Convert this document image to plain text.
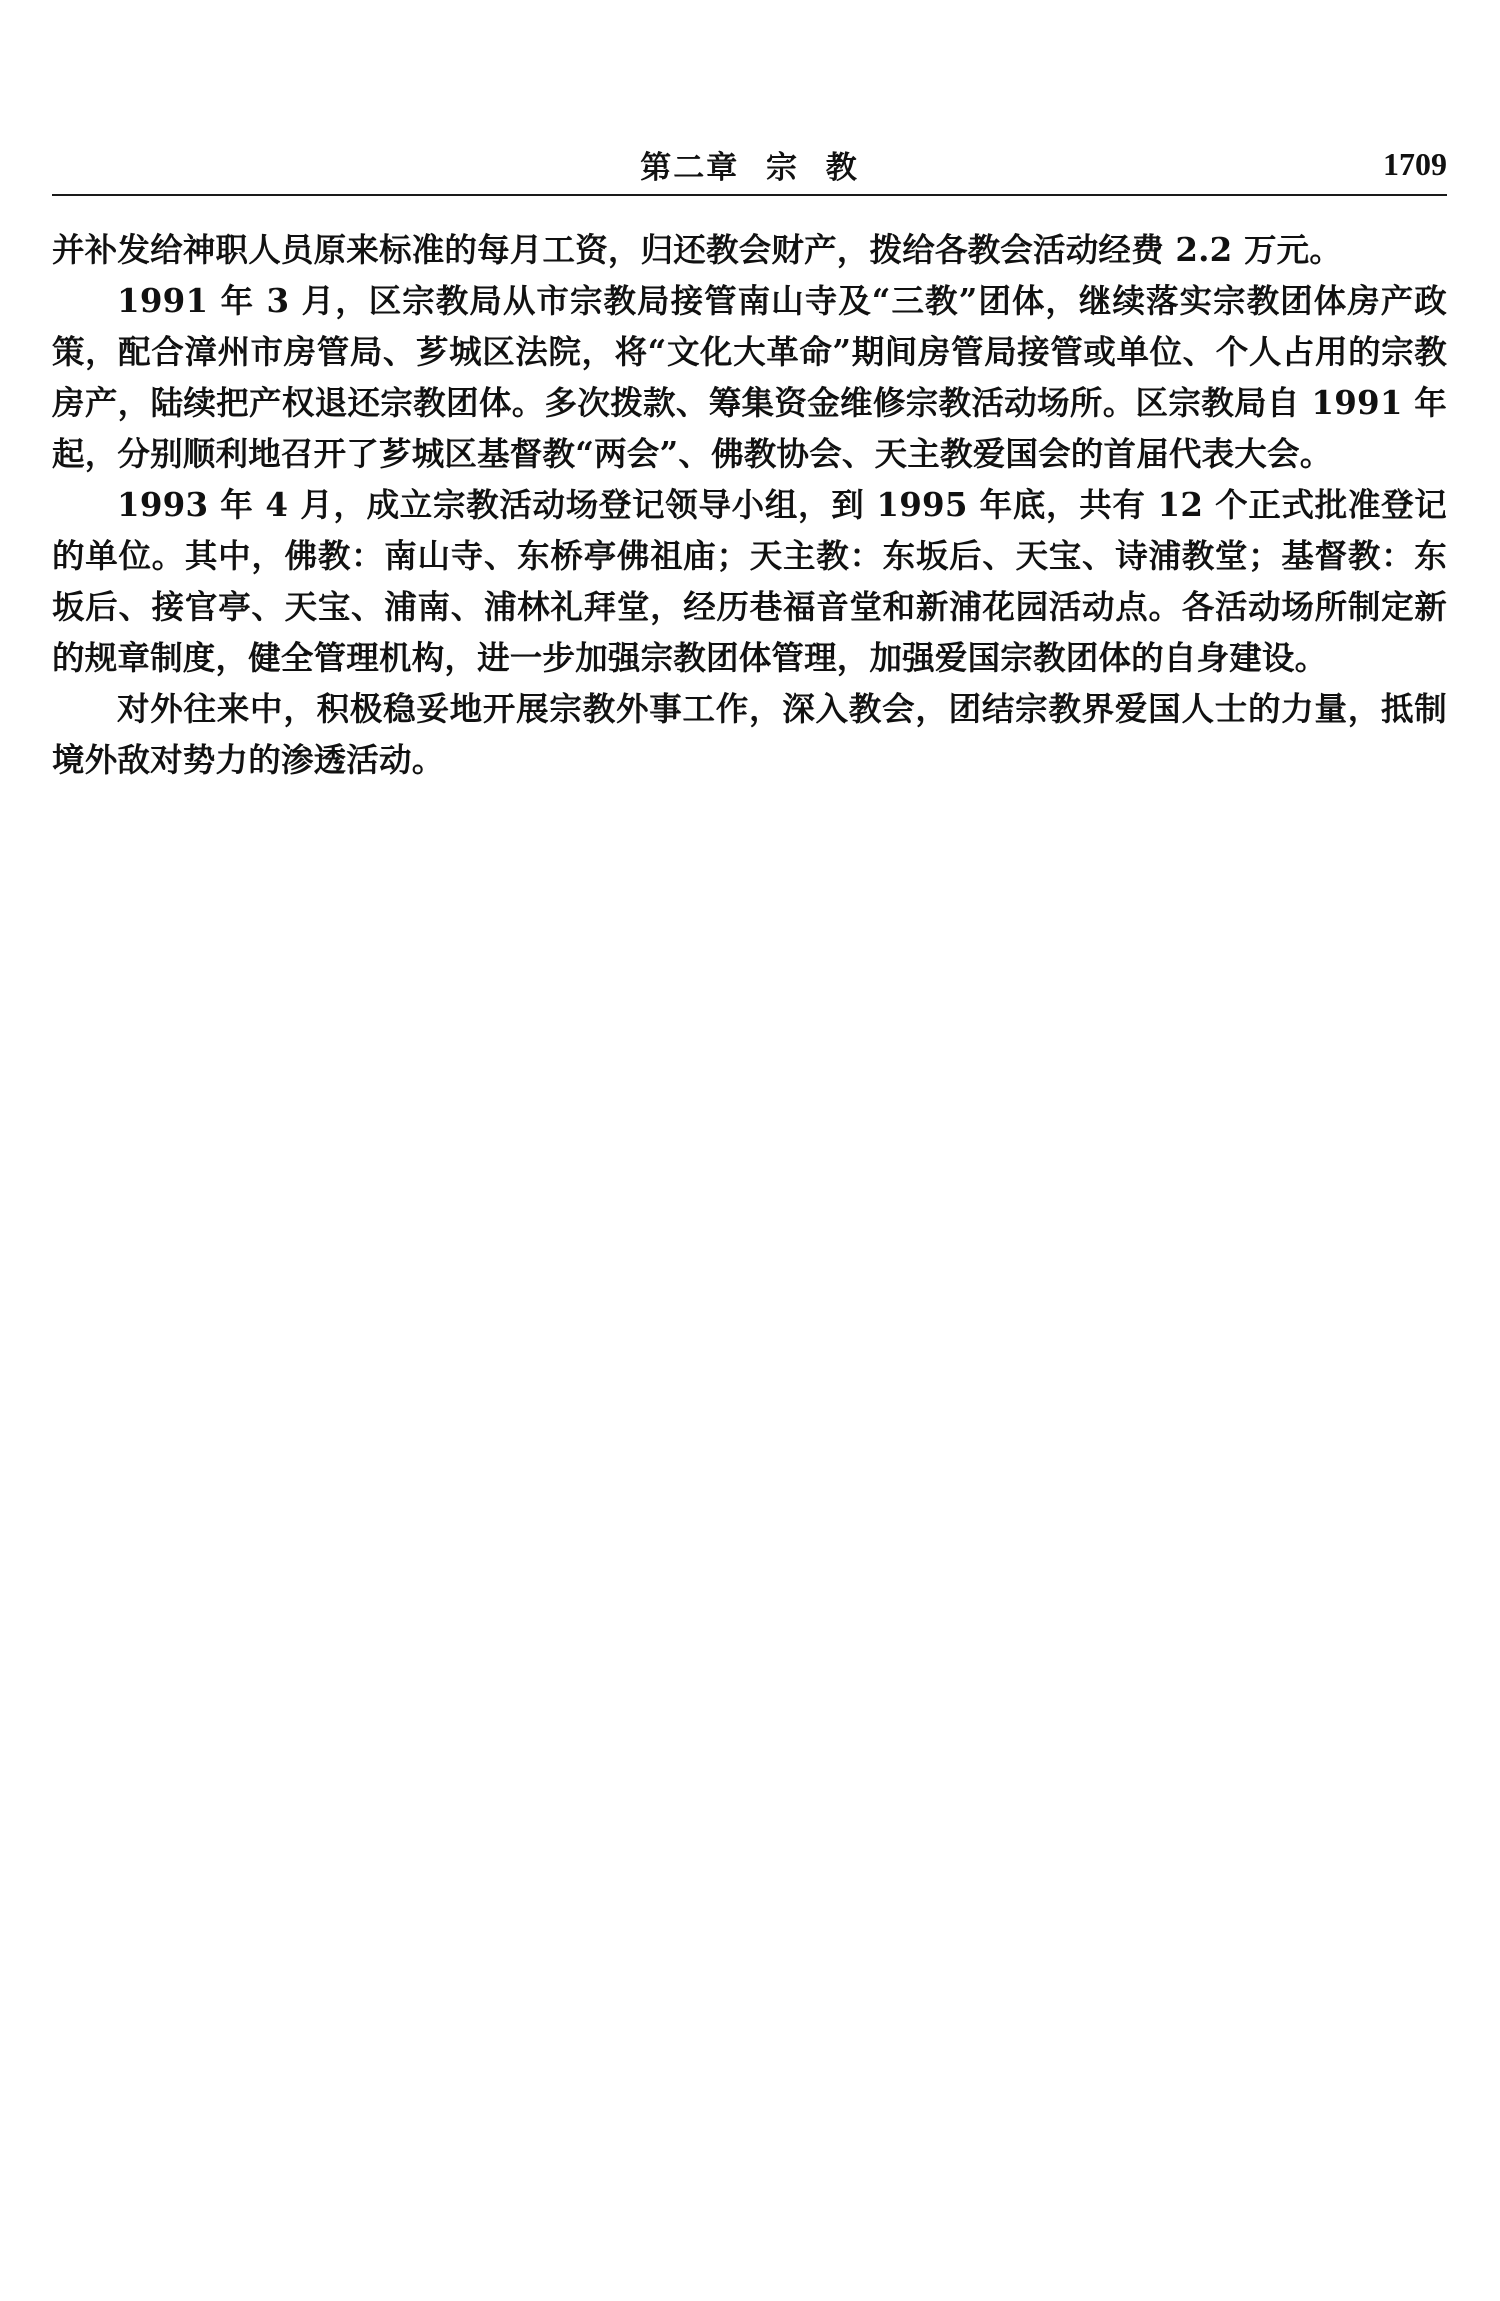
第二章 宗 教	1709

并补发给神职人员原来标准的每月工资，归还教会财产，拨给各教会活动经费 2.2 万元。

1991 年 3 月，区宗教局从市宗教局接管南山寺及“三教”团体，继续落实宗教团体房产政策，配合漳州市房管局、芗城区法院，将“文化大革命”期间房管局接管或单位、个人占用的宗教房产，陆续把产权退还宗教团体。多次拨款、筹集资金维修宗教活动场所。区宗教局自 1991 年起，分别顺利地召开了芗城区基督教“两会”、佛教协会、天主教爱国会的首届代表大会。

1993 年 4 月，成立宗教活动场登记领导小组，到 1995 年底，共有 12 个正式批准登记的单位。其中，佛教：南山寺、东桥亭佛祖庙；天主教：东坂后、天宝、诗浦教堂；基督教：东坂后、接官亭、天宝、浦南、浦林礼拜堂，经历巷福音堂和新浦花园活动点。各活动场所制定新的规章制度，健全管理机构，进一步加强宗教团体管理，加强爱国宗教团体的自身建设。

对外往来中，积极稳妥地开展宗教外事工作，深入教会，团结宗教界爱国人士的力量，抵制境外敌对势力的渗透活动。
